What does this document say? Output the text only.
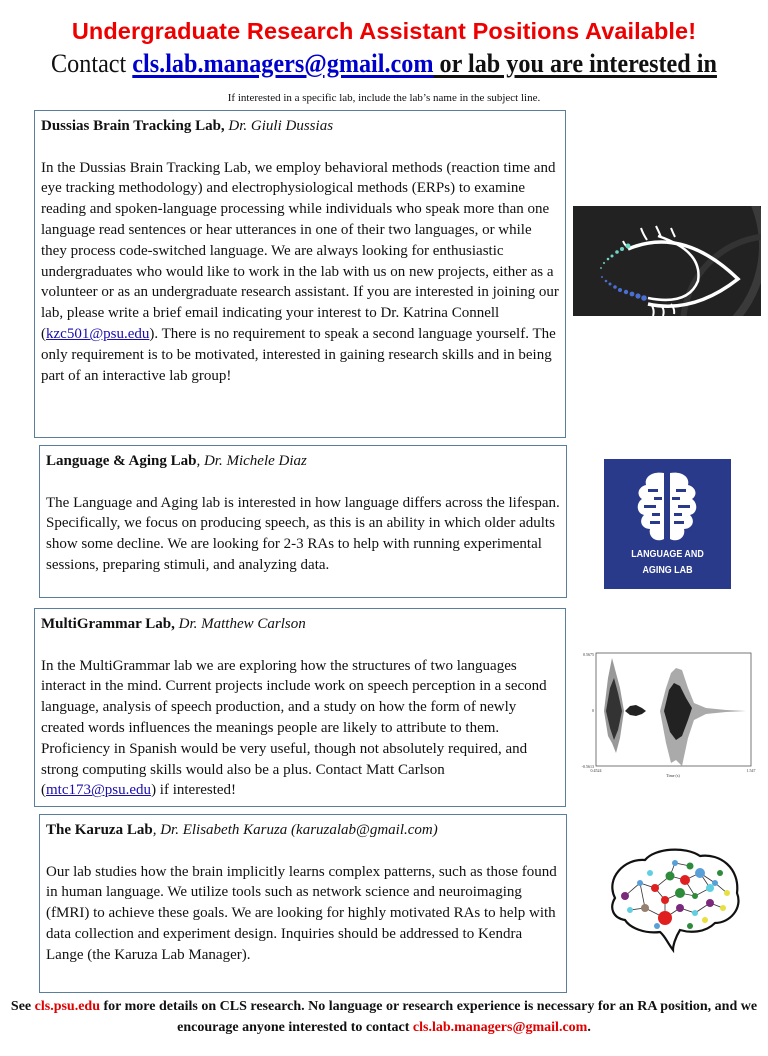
Undergraduate Research Assistant Positions Available!
Contact cls.lab.managers@gmail.com or lab you are interested in
If interested in a specific lab, include the lab’s name in the subject line.
Dussias Brain Tracking Lab, Dr. Giuli Dussias

In the Dussias Brain Tracking Lab, we employ behavioral methods (reaction time and eye tracking methodology) and electrophysiological methods (ERPs) to examine reading and spoken-language processing while individuals who speak more than one language read sentences or hear utterances in one of their two languages, or while they process code-switched language. We are always looking for enthusiastic undergraduates who would like to work in the lab with us on new projects, either as a volunteer or as an undergraduate research assistant. If you are interested in joining our lab, please write a brief email indicating your interest to Dr. Katrina Connell (kzc501@psu.edu). There is no requirement to speak a second language yourself. The only requirement is to be motivated, interested in gaining research skills and in being part of an interactive lab group!

Language & Aging Lab, Dr. Michele Diaz

The Language and Aging lab is interested in how language differs across the lifespan. Specifically, we focus on producing speech, as this is an ability in which older adults show some decline. We are looking for 2-3 RAs to help with running experimental sessions, preparing stimuli, and analyzing data.

LANGUAGE AND
AGING LAB
MultiGrammar Lab, Dr. Matthew Carlson

In the MultiGrammar lab we are exploring how the structures of two languages interact in the mind. Current projects include work on speech perception in a second language, analysis of speech production, and a study on how the form of newly created words influences the meanings people are likely to attribute to them. Proficiency in Spanish would be very useful, though not absolutely required, and strong computing skills would also be a plus. Contact Matt Carlson (mtc173@psu.edu) if interested!

0.5675
0
-0.5613
0.4524	1.547
Time (s)
The Karuza Lab, Dr. Elisabeth Karuza (karuzalab@gmail.com)

Our lab studies how the brain implicitly learns complex patterns, such as those found in human language. We utilize tools such as network science and neuroimaging (fMRI) to achieve these goals. We are looking for highly motivated RAs to help with data collection and experiment design. Inquiries should be addressed to Kendra Lange (the Karuza Lab Manager).

See cls.psu.edu for more details on CLS research. No language or research experience is necessary for an RA position, and we encourage anyone interested to contact cls.lab.managers@gmail.com.
